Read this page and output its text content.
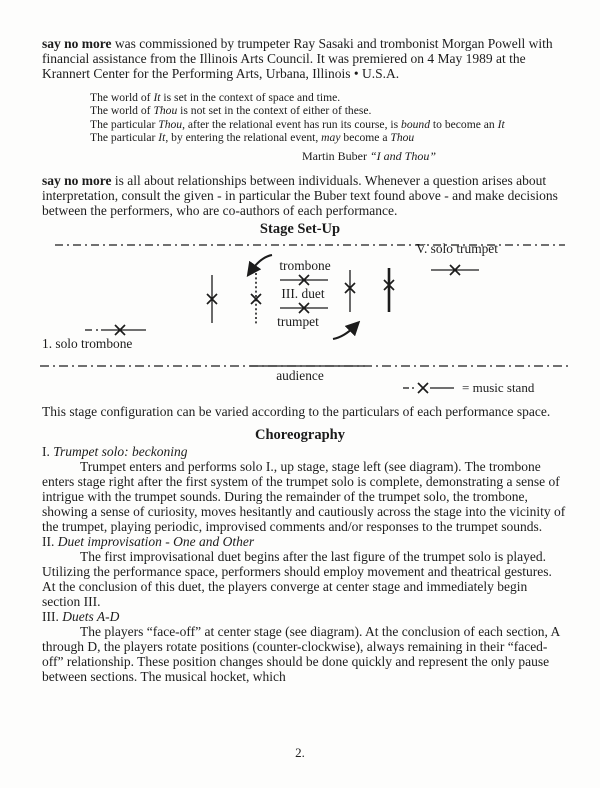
say no more was commissioned by trumpeter Ray Sasaki and trombonist Morgan Powell with financial assistance from the Illinois Arts Council. It was premiered on 4 May 1989 at the Krannert Center for the Performing Arts, Urbana, Illinois • U.S.A.

The world of It is set in the context of space and time.
The world of Thou is not set in the context of either of these.
The particular Thou, after the relational event has run its course, is bound to become an It
The particular It, by entering the relational event, may become a Thou
Martin Buber “I and Thou”

say no more is all about relationships between individuals. Whenever a question arises about interpretation, consult the given - in particular the Buber text found above - and make decisions between the performers, who are co-authors of each performance.

Stage Set-Up
V. solo trumpet
trombone
III. duet
trumpet
1. solo trombone
audience
= music stand

This stage configuration can be varied according to the particulars of each performance space.

Choreography

I. Trumpet solo: beckoning

Trumpet enters and performs solo I., up stage, stage left (see diagram). The trombone enters stage right after the first system of the trumpet solo is complete, demonstrating a sense of intrigue with the trumpet sounds. During the remainder of the trumpet solo, the trombone, showing a sense of curiosity, moves hesitantly and cautiously across the stage into the vicinity of the trumpet, playing periodic, improvised comments and/or responses to the trumpet sounds.

II. Duet improvisation - One and Other

The first improvisational duet begins after the last figure of the trumpet solo is played. Utilizing the performance space, performers should employ movement and theatrical gestures. At the conclusion of this duet, the players converge at center stage and immediately begin section III.

III. Duets A-D

The players “face-off” at center stage (see diagram). At the conclusion of each section, A through D, the players rotate positions (counter-clockwise), always remaining in their “faced-off” relationship. These position changes should be done quickly and represent the only pause between sections. The musical hocket, which

2.
